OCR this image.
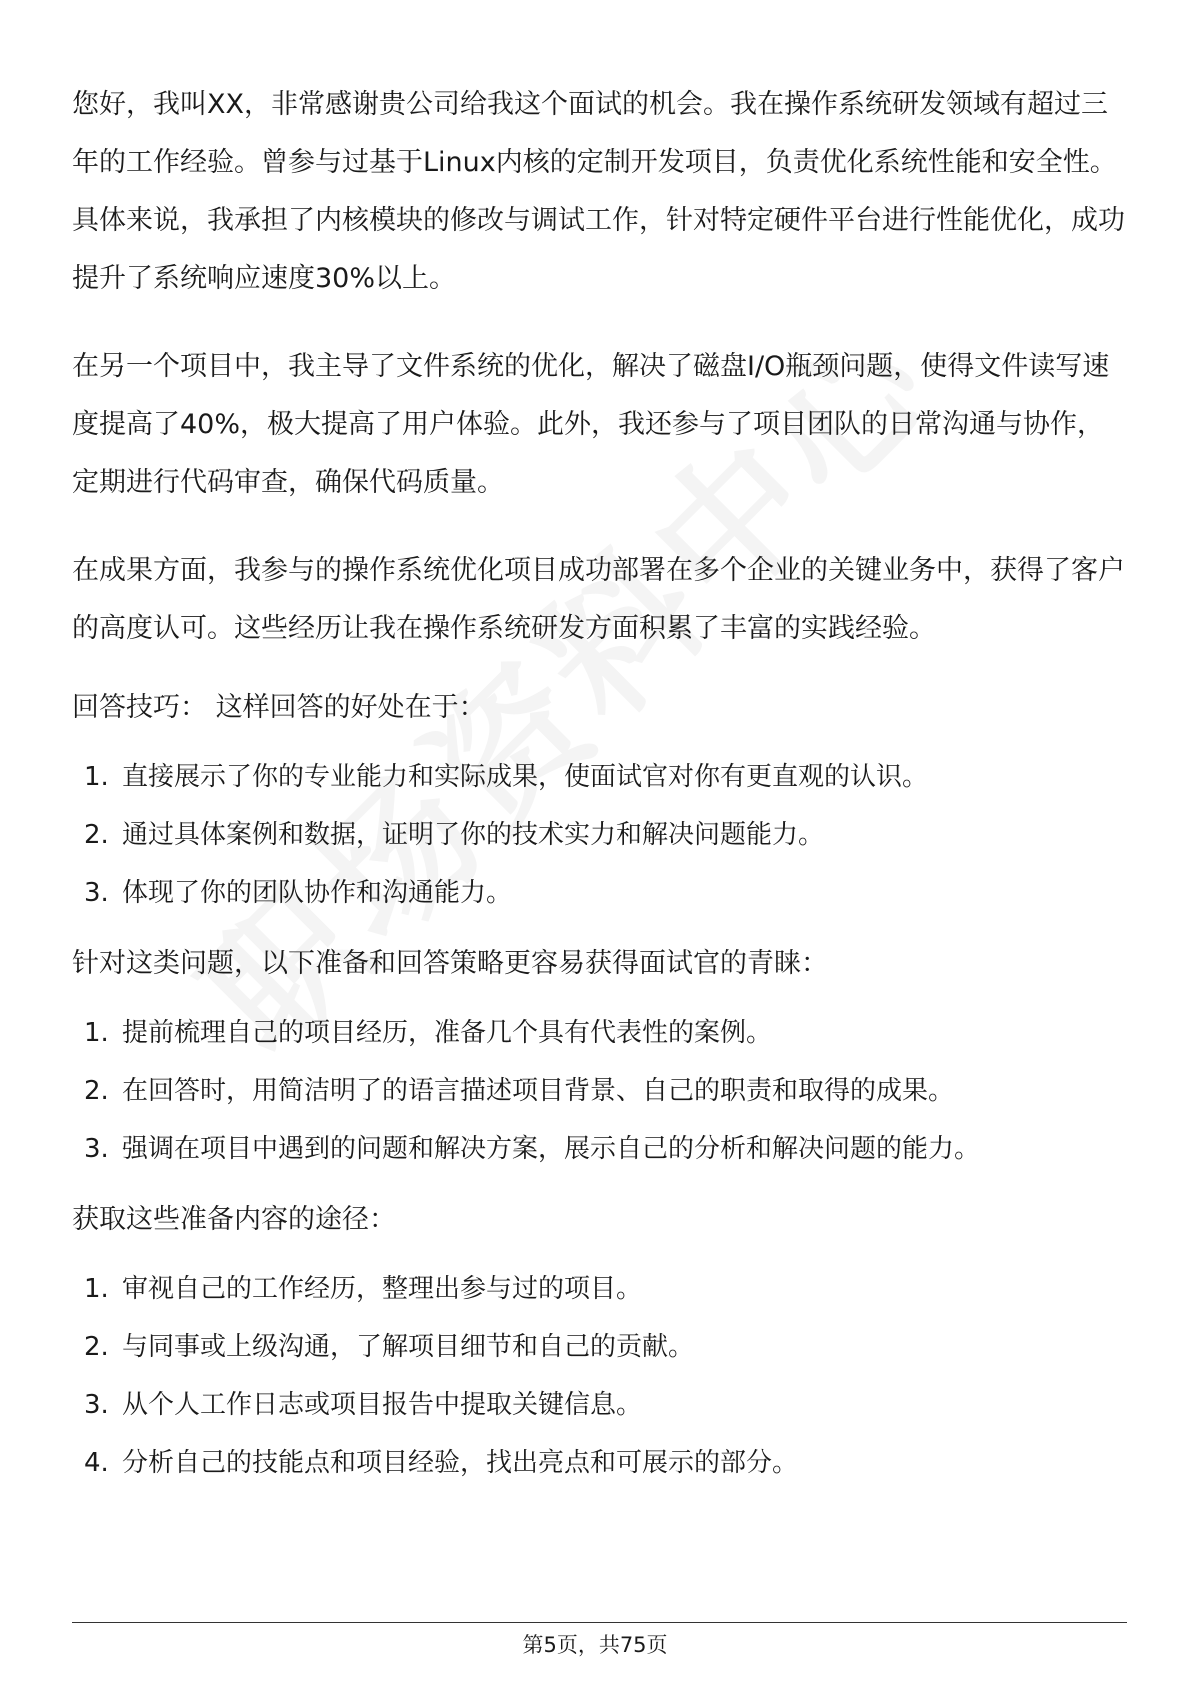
您好，我叫XX，非常感谢贵公司给我这个面试的机会。我在操作系统研发领域有超过三年的工作经验。曾参与过基于Linux内核的定制开发项目，负责优化系统性能和安全性。具体来说，我承担了内核模块的修改与调试工作，针对特定硬件平台进行性能优化，成功提升了系统响应速度30%以上。

在另一个项目中，我主导了文件系统的优化，解决了磁盘I/O瓶颈问题，使得文件读写速度提高了40%，极大提高了用户体验。此外，我还参与了项目团队的日常沟通与协作，定期进行代码审查，确保代码质量。

在成果方面，我参与的操作系统优化项目成功部署在多个企业的关键业务中，获得了客户的高度认可。这些经历让我在操作系统研发方面积累了丰富的实践经验。

回答技巧： 这样回答的好处在于：
1. 直接展示了你的专业能力和实际成果，使面试官对你有更直观的认识。
2. 通过具体案例和数据，证明了你的技术实力和解决问题能力。
3. 体现了你的团队协作和沟通能力。
针对这类问题，以下准备和回答策略更容易获得面试官的青睐：
1. 提前梳理自己的项目经历，准备几个具有代表性的案例。
2. 在回答时，用简洁明了的语言描述项目背景、自己的职责和取得的成果。
3. 强调在项目中遇到的问题和解决方案，展示自己的分析和解决问题的能力。
获取这些准备内容的途径：
1. 审视自己的工作经历，整理出参与过的项目。
2. 与同事或上级沟通，了解项目细节和自己的贡献。
3. 从个人工作日志或项目报告中提取关键信息。
4. 分析自己的技能点和项目经验，找出亮点和可展示的部分。
第5页，共75页
